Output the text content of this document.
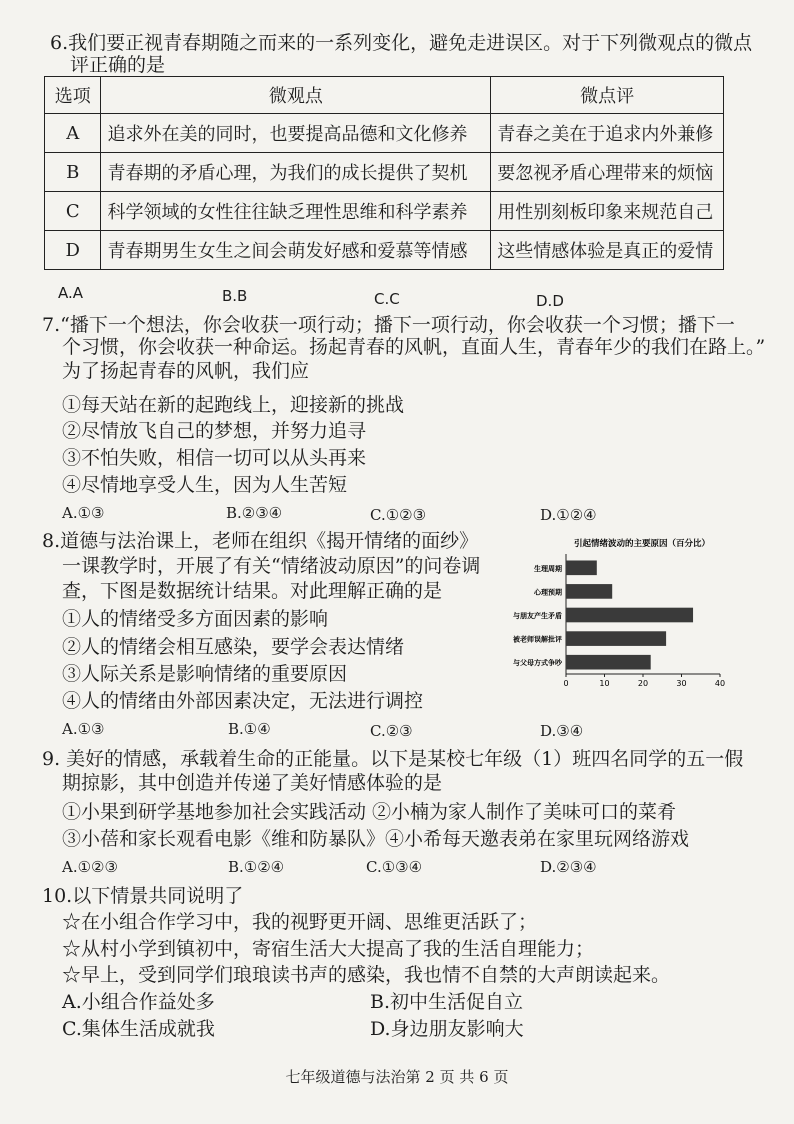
6.我们要正视青春期随之而来的一系列变化，避免走进误区。对于下列微观点的微点
评正确的是
选项	微观点	微点评
A	追求外在美的同时，也要提高品德和文化修养	青春之美在于追求内外兼修
B	青春期的矛盾心理，为我们的成长提供了契机	要忽视矛盾心理带来的烦恼
C	科学领域的女性往往缺乏理性思维和科学素养	用性别刻板印象来规范自己
D	青春期男生女生之间会萌发好感和爱慕等情感	这些情感体验是真正的爱情
A.A	B.B	C.C	D.D
7.“播下一个想法，你会收获一项行动；播下一项行动，你会收获一个习惯；播下一
个习惯，你会收获一种命运。扬起青春的风帆，直面人生，青春年少的我们在路上。”
为了扬起青春的风帆，我们应
①每天站在新的起跑线上，迎接新的挑战
②尽情放飞自己的梦想，并努力追寻
③不怕失败，相信一切可以从头再来
④尽情地享受人生，因为人生苦短
A.①③	B.②③④	C.①②③	D.①②④
8.道德与法治课上，老师在组织《揭开情绪的面纱》
一课教学时，开展了有关“情绪波动原因”的问卷调
查，下图是数据统计结果。对此理解正确的是
①人的情绪受多方面因素的影响
②人的情绪会相互感染，要学会表达情绪
③人际关系是影响情绪的重要原因
④人的情绪由外部因素决定，无法进行调控
A.①③	B.①④	C.②③	D.③④
引起情绪波动的主要原因（百分比）
生理周期
心理预期
与朋友产生矛盾
被老师误解批评
与父母方式争吵
0	10	20	30	40
9. 美好的情感，承载着生命的正能量。以下是某校七年级（1）班四名同学的五一假
期掠影，其中创造并传递了美好情感体验的是
①小果到研学基地参加社会实践活动 ②小楠为家人制作了美味可口的菜肴
③小蓓和家长观看电影《维和防暴队》④小希每天邀表弟在家里玩网络游戏
A.①②③	B.①②④	C.①③④	D.②③④
10.以下情景共同说明了
☆在小组合作学习中，我的视野更开阔、思维更活跃了；
☆从村小学到镇初中，寄宿生活大大提高了我的生活自理能力；
☆早上，受到同学们琅琅读书声的感染，我也情不自禁的大声朗读起来。
A.小组合作益处多	B.初中生活促自立
C.集体生活成就我	D.身边朋友影响大
七年级道德与法治第 2 页 共 6 页
